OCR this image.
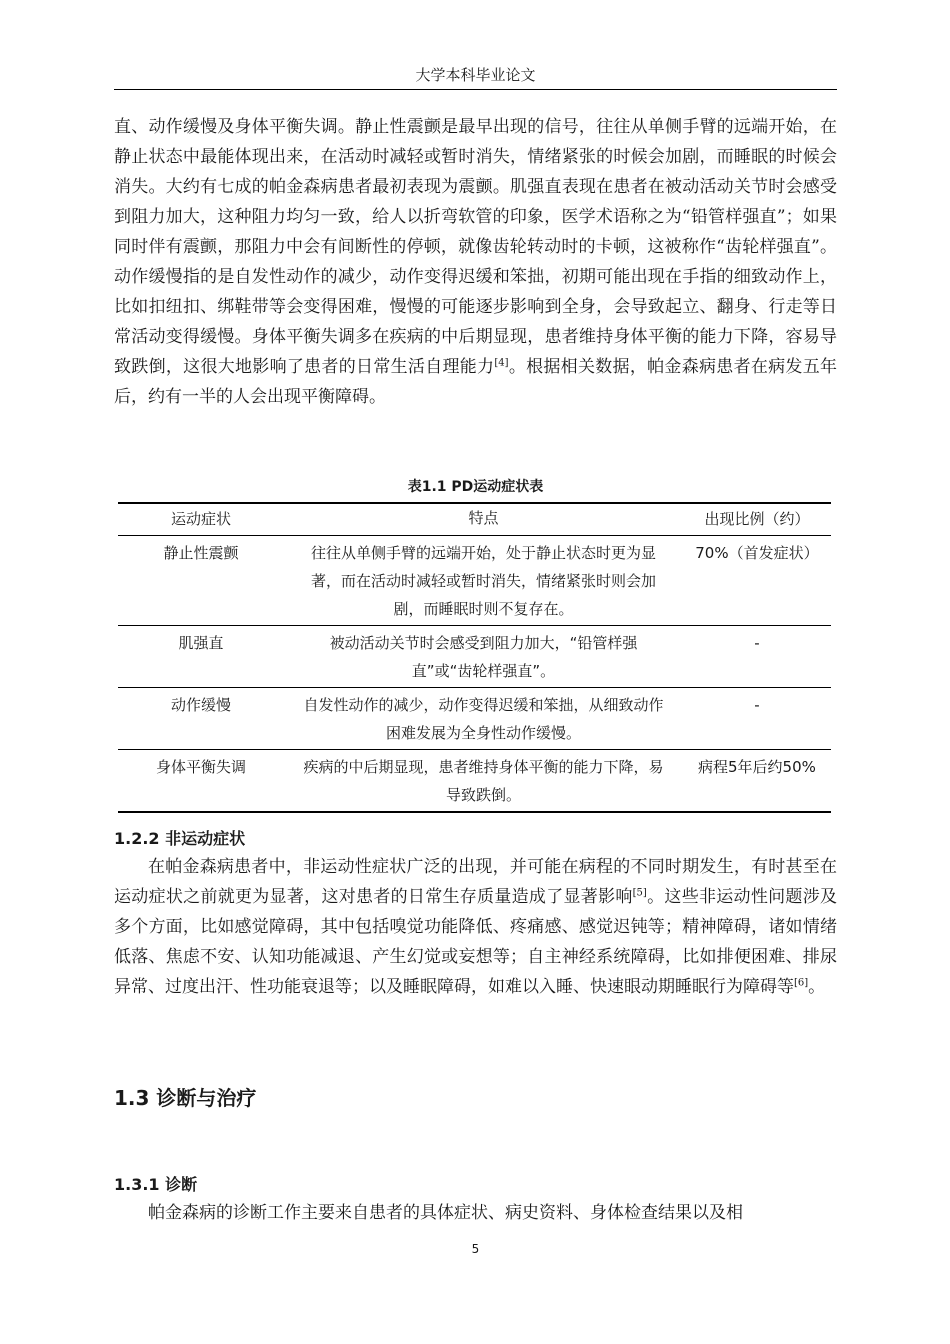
大学本科毕业论文

直、动作缓慢及身体平衡失调。静止性震颤是最早出现的信号，往往从单侧手臂的远端开始，在静止状态中最能体现出来，在活动时减轻或暂时消失，情绪紧张的时候会加剧，而睡眠的时候会消失。大约有七成的帕金森病患者最初表现为震颤。肌强直表现在患者在被动活动关节时会感受到阻力加大，这种阻力均匀一致，给人以折弯软管的印象，医学术语称之为“铅管样强直”；如果同时伴有震颤，那阻力中会有间断性的停顿，就像齿轮转动时的卡顿，这被称作“齿轮样强直”。动作缓慢指的是自发性动作的减少，动作变得迟缓和笨拙，初期可能出现在手指的细致动作上，比如扣纽扣、绑鞋带等会变得困难，慢慢的可能逐步影响到全身，会导致起立、翻身、行走等日常活动变得缓慢。身体平衡失调多在疾病的中后期显现，患者维持身体平衡的能力下降，容易导致跌倒，这很大地影响了患者的日常生活自理能力[4]。根据相关数据，帕金森病患者在病发五年后，约有一半的人会出现平衡障碍。

表1.1 PD运动症状表
运动症状	特点	出现比例（约）
静止性震颤	往往从单侧手臂的远端开始，处于静止状态时更为显著，而在活动时减轻或暂时消失，情绪紧张时则会加剧，而睡眠时则不复存在。	70%（首发症状）
肌强直	被动活动关节时会感受到阻力加大，“铅管样强直”或“齿轮样强直”。	-
动作缓慢	自发性动作的减少，动作变得迟缓和笨拙，从细致动作困难发展为全身性动作缓慢。	-
身体平衡失调	疾病的中后期显现，患者维持身体平衡的能力下降，易导致跌倒。	病程5年后约50%
1.2.2 非运动症状

在帕金森病患者中，非运动性症状广泛的出现，并可能在病程的不同时期发生，有时甚至在运动症状之前就更为显著，这对患者的日常生存质量造成了显著影响[5]。这些非运动性问题涉及多个方面，比如感觉障碍，其中包括嗅觉功能降低、疼痛感、感觉迟钝等；精神障碍，诸如情绪低落、焦虑不安、认知功能减退、产生幻觉或妄想等；自主神经系统障碍，比如排便困难、排尿异常、过度出汗、性功能衰退等；以及睡眠障碍，如难以入睡、快速眼动期睡眠行为障碍等[6]。

1.3 诊断与治疗
1.3.1 诊断

帕金森病的诊断工作主要来自患者的具体症状、病史资料、身体检查结果以及相

5
